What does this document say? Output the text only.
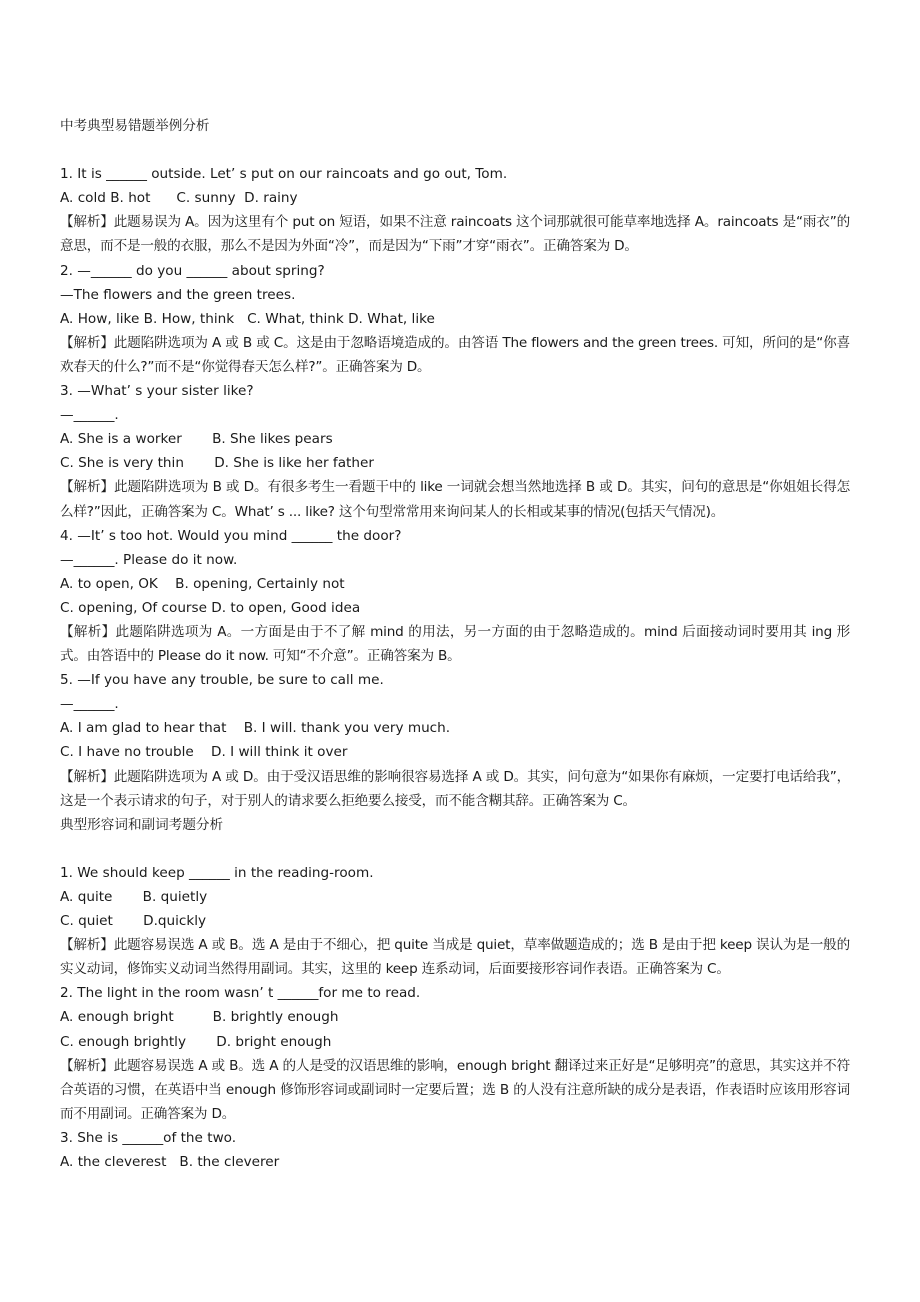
中考典型易错题举例分析

1. It is ______ outside. Let’ s put on our raincoats and go out, Tom.

A. cold B. hot      C. sunny  D. rainy

【解析】此题易误为 A。因为这里有个 put on 短语，如果不注意 raincoats 这个词那就很可能草率地选择 A。raincoats 是“雨衣”的意思，而不是一般的衣服，那么不是因为外面“冷”，而是因为“下雨”才穿“雨衣”。正确答案为 D。

2. —______ do you ______ about spring?

—The flowers and the green trees.

A. How, like B. How, think   C. What, think D. What, like

【解析】此题陷阱选项为 A 或 B 或 C。这是由于忽略语境造成的。由答语 The flowers and the green trees. 可知，所问的是“你喜欢春天的什么?”而不是“你觉得春天怎么样?”。正确答案为 D。

3. —What’ s your sister like?

—______.

A. She is a worker       B. She likes pears

C. She is very thin       D. She is like her father

【解析】此题陷阱选项为 B 或 D。有很多考生一看题干中的 like 一词就会想当然地选择 B 或 D。其实，问句的意思是“你姐姐长得怎么样?”因此，正确答案为 C。What’ s ... like? 这个句型常常用来询问某人的长相或某事的情况(包括天气情况)。

4. —It’ s too hot. Would you mind ______ the door?

—______. Please do it now.

A. to open, OK    B. opening, Certainly not

C. opening, Of course D. to open, Good idea

【解析】此题陷阱选项为 A。一方面是由于不了解 mind 的用法，另一方面的由于忽略造成的。mind 后面接动词时要用其 ing 形式。由答语中的 Please do it now. 可知“不介意”。正确答案为 B。

5. —If you have any trouble, be sure to call me.

—______.

A. I am glad to hear that    B. I will. thank you very much.

C. I have no trouble    D. I will think it over

【解析】此题陷阱选项为 A 或 D。由于受汉语思维的影响很容易选择 A 或 D。其实，问句意为“如果你有麻烦，一定要打电话给我”，这是一个表示请求的句子，对于别人的请求要么拒绝要么接受，而不能含糊其辞。正确答案为 C。

典型形容词和副词考题分析

1. We should keep ______ in the reading-room.

A. quite       B. quietly

C. quiet       D.quickly

【解析】此题容易误选 A 或 B。选 A 是由于不细心，把 quite 当成是 quiet，草率做题造成的；选 B 是由于把 keep 误认为是一般的实义动词，修饰实义动词当然得用副词。其实，这里的 keep 连系动词，后面要接形容词作表语。正确答案为 C。

2. The light in the room wasn’ t ______for me to read.

A. enough bright         B. brightly enough

C. enough brightly       D. bright enough

【解析】此题容易误选 A 或 B。选 A 的人是受的汉语思维的影响，enough bright 翻译过来正好是“足够明亮”的意思，其实这并不符合英语的习惯，在英语中当 enough 修饰形容词或副词时一定要后置；选 B 的人没有注意所缺的成分是表语，作表语时应该用形容词而不用副词。正确答案为 D。

3. She is ______of the two.

A. the cleverest   B. the cleverer
